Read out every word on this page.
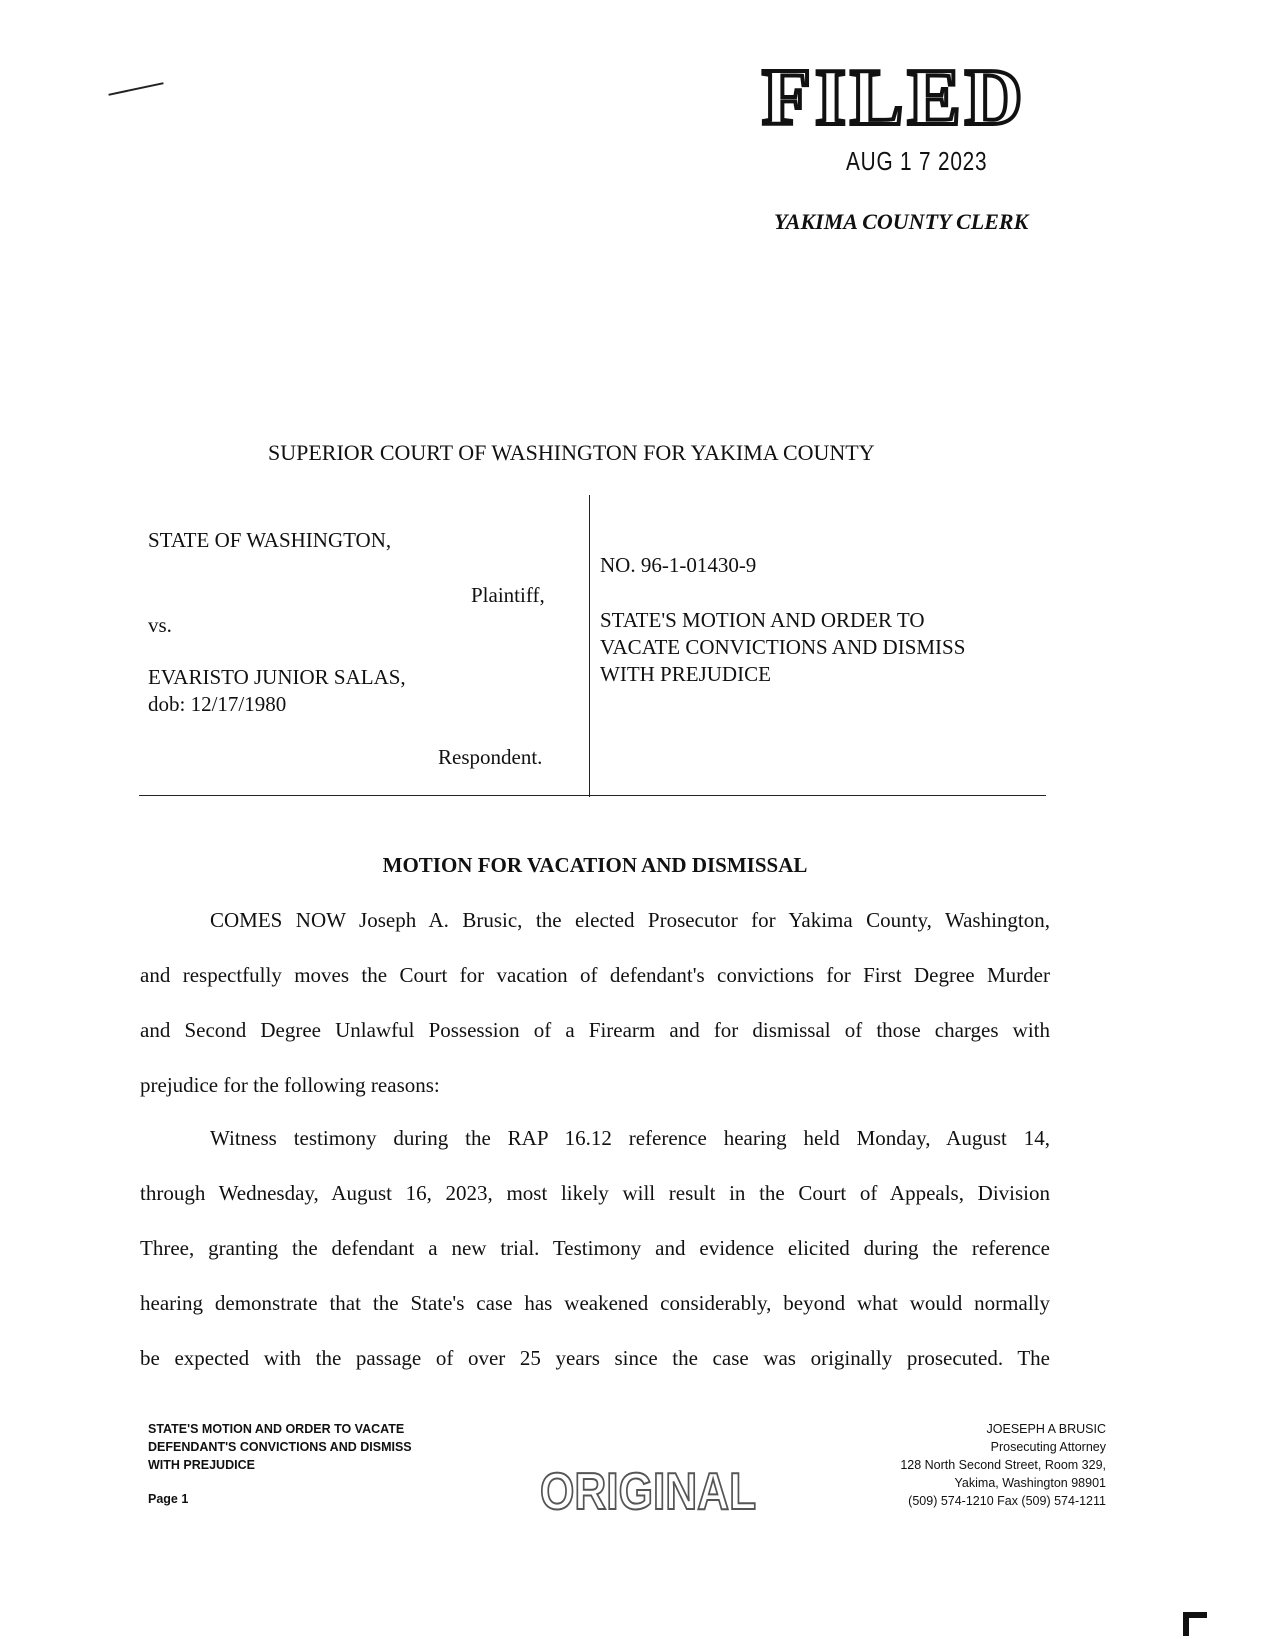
FILED
AUG 1 7 2023
YAKIMA COUNTY CLERK
SUPERIOR COURT OF WASHINGTON FOR YAKIMA COUNTY
STATE OF WASHINGTON,
Plaintiff,
vs.
EVARISTO JUNIOR SALAS,
dob: 12/17/1980
Respondent.
NO. 96-1-01430-9
STATE'S MOTION AND ORDER TO
VACATE CONVICTIONS AND DISMISS
WITH PREJUDICE
MOTION FOR VACATION AND DISMISSAL
COMES NOW Joseph A. Brusic, the elected Prosecutor for Yakima County, Washington,
and respectfully moves the Court for vacation of defendant's convictions for First Degree Murder
and Second Degree Unlawful Possession of a Firearm and for dismissal of those charges with
prejudice for the following reasons:
Witness testimony during the RAP 16.12 reference hearing held Monday, August 14,
through Wednesday, August 16, 2023, most likely will result in the Court of Appeals, Division
Three, granting the defendant a new trial. Testimony and evidence elicited during the reference
hearing demonstrate that the State's case has weakened considerably, beyond what would normally
be expected with the passage of over 25 years since the case was originally prosecuted. The
STATE'S MOTION AND ORDER TO VACATE
DEFENDANT'S CONVICTIONS AND DISMISS
WITH PREJUDICE
Page 1	ORIGINAL
JOESEPH A BRUSIC
Prosecuting Attorney
128 North Second Street, Room 329,
Yakima, Washington 98901
(509) 574-1210 Fax (509) 574-1211
